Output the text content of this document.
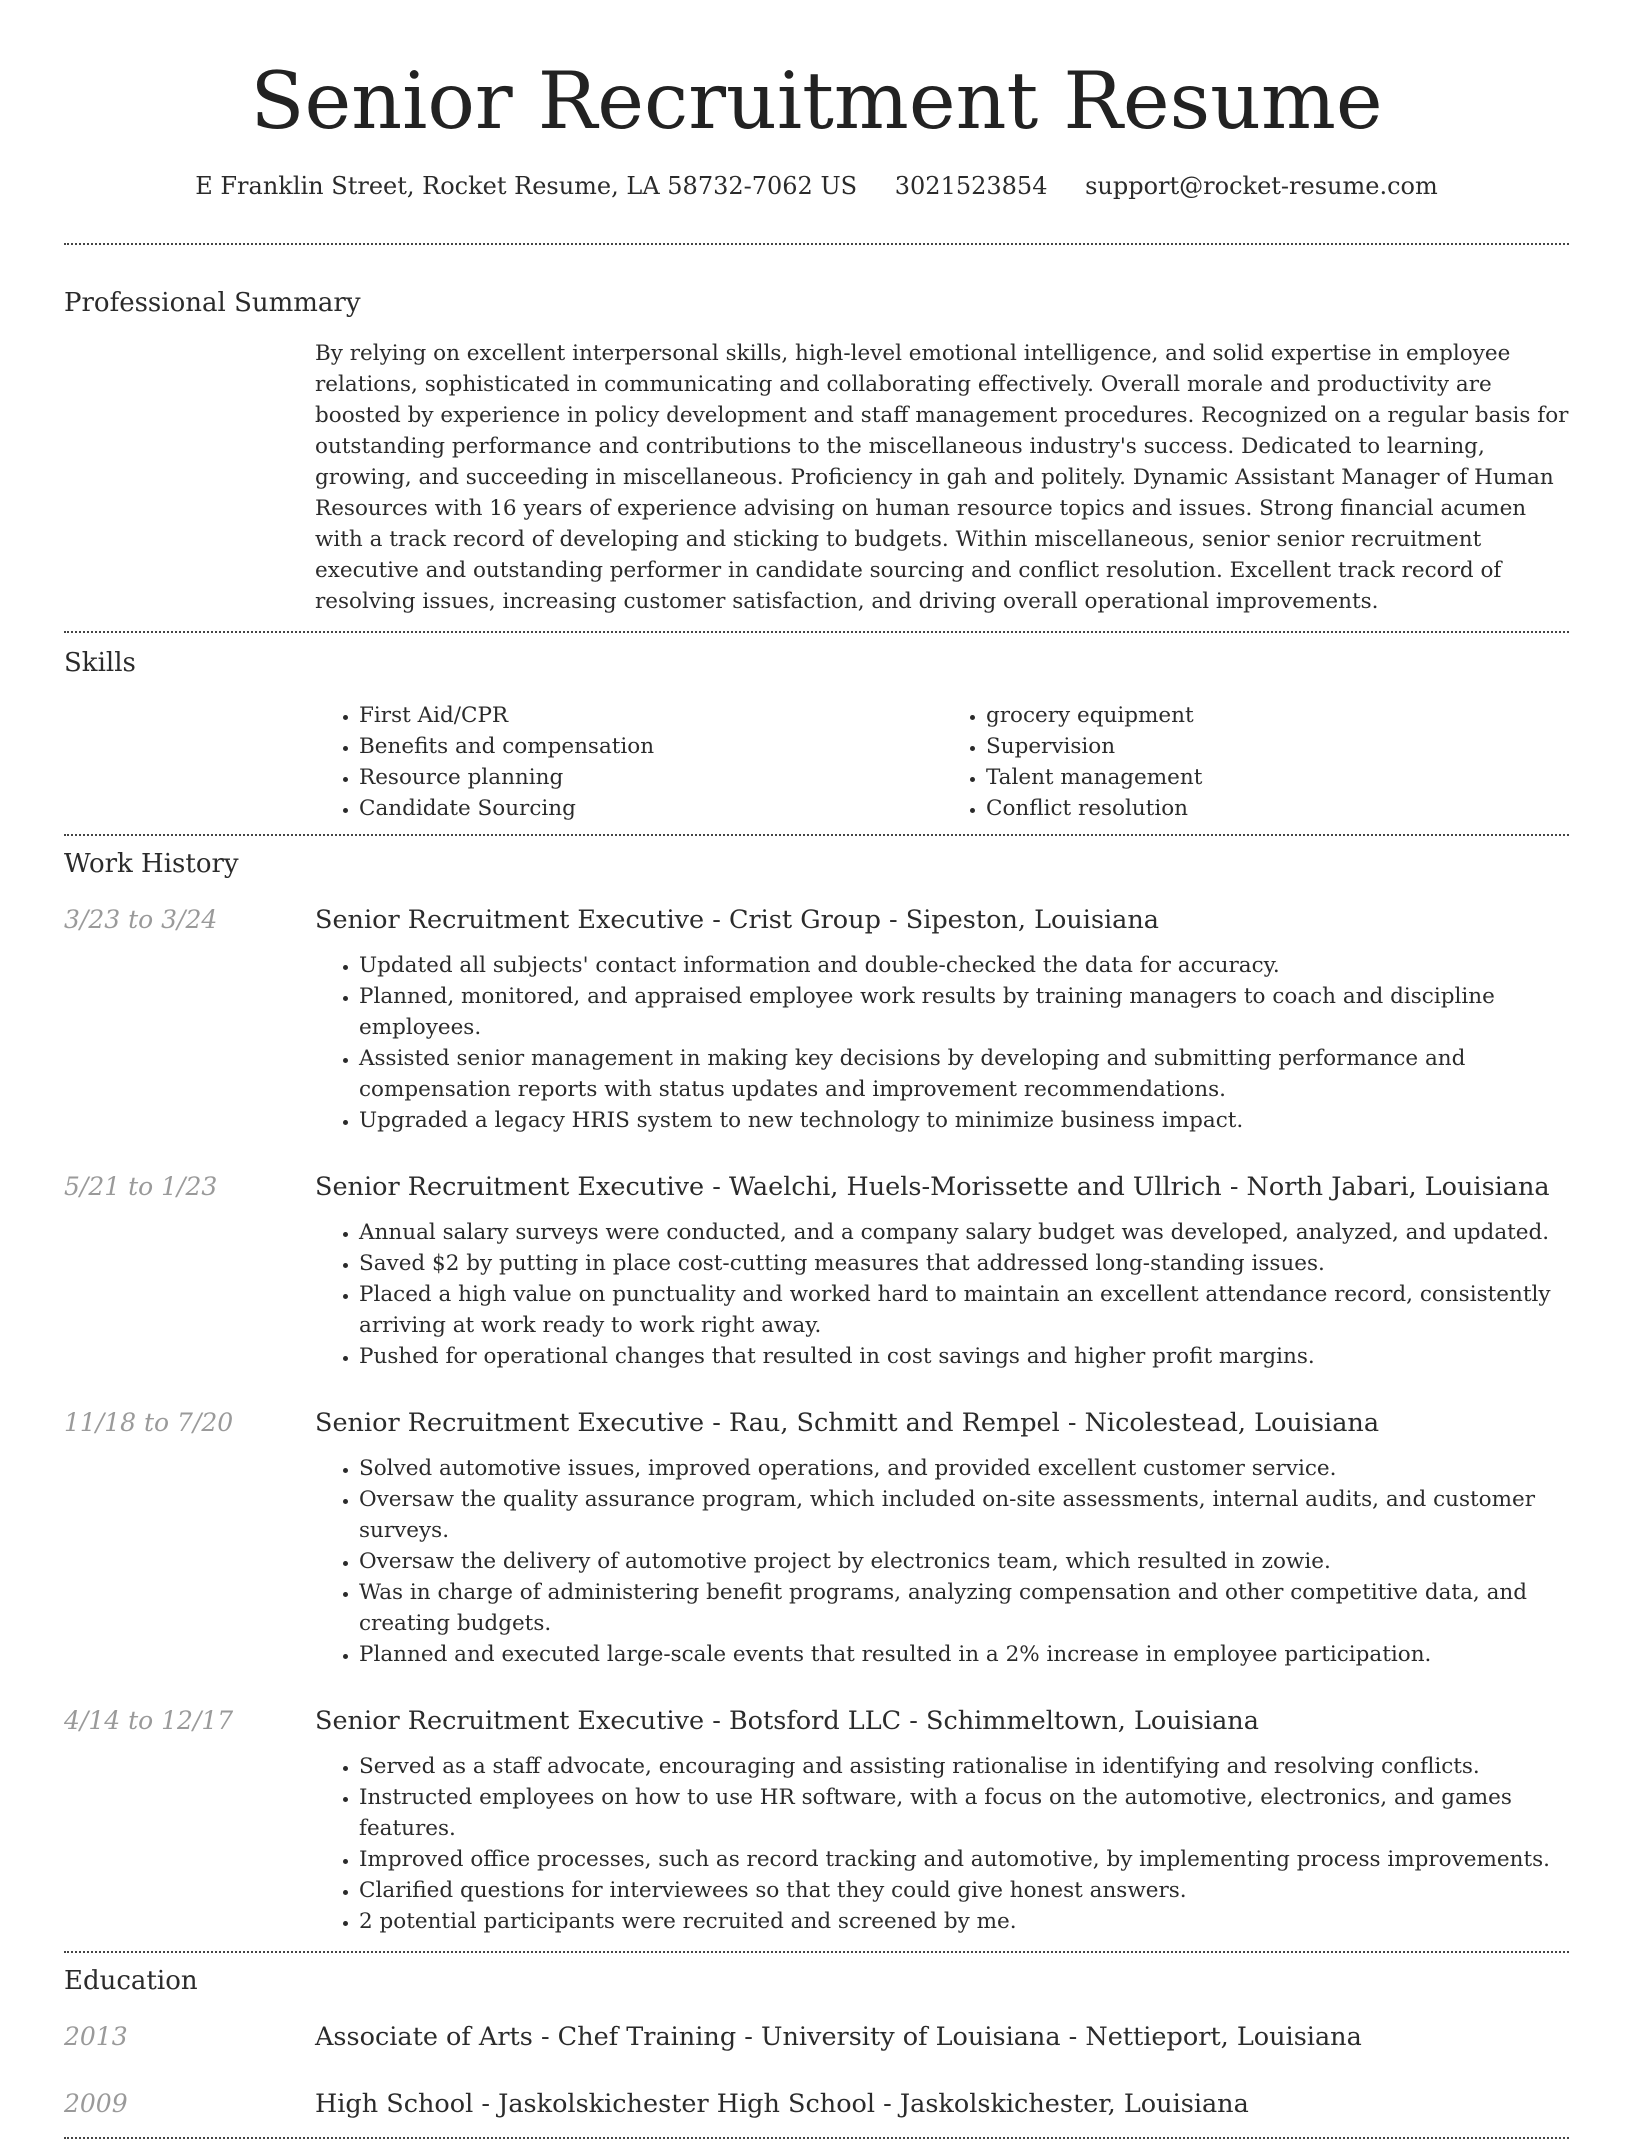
Senior Recruitment Resume
E Franklin Street, Rocket Resume, LA 58732-7062 US 3021523854 support@rocket-resume.com
Professional Summary
By relying on excellent interpersonal skills, high-level emotional intelligence, and solid expertise in employee relations, sophisticated in communicating and collaborating effectively. Overall morale and productivity are boosted by experience in policy development and staff management procedures. Recognized on a regular basis for outstanding performance and contributions to the miscellaneous industry's success. Dedicated to learning, growing, and succeeding in miscellaneous. Proficiency in gah and politely. Dynamic Assistant Manager of Human Resources with 16 years of experience advising on human resource topics and issues. Strong financial acumen with a track record of developing and sticking to budgets. Within miscellaneous, senior senior recruitment executive and outstanding performer in candidate sourcing and conflict resolution. Excellent track record of resolving issues, increasing customer satisfaction, and driving overall operational improvements.
Skills
• First Aid/CPR
• Benefits and compensation
• Resource planning
• Candidate Sourcing
• grocery equipment
• Supervision
• Talent management
• Conflict resolution
Work History
3/23 to 3/24	Senior Recruitment Executive - Crist Group - Sipeston, Louisiana
• Updated all subjects' contact information and double-checked the data for accuracy.
• Planned, monitored, and appraised employee work results by training managers to coach and discipline employees.
• Assisted senior management in making key decisions by developing and submitting performance and compensation reports with status updates and improvement recommendations.
• Upgraded a legacy HRIS system to new technology to minimize business impact.
5/21 to 1/23	Senior Recruitment Executive - Waelchi, Huels-Morissette and Ullrich - North Jabari, Louisiana
• Annual salary surveys were conducted, and a company salary budget was developed, analyzed, and updated.
• Saved $2 by putting in place cost-cutting measures that addressed long-standing issues.
• Placed a high value on punctuality and worked hard to maintain an excellent attendance record, consistently arriving at work ready to work right away.
• Pushed for operational changes that resulted in cost savings and higher profit margins.
11/18 to 7/20	Senior Recruitment Executive - Rau, Schmitt and Rempel - Nicolestead, Louisiana
• Solved automotive issues, improved operations, and provided excellent customer service.
• Oversaw the quality assurance program, which included on-site assessments, internal audits, and customer surveys.
• Oversaw the delivery of automotive project by electronics team, which resulted in zowie.
• Was in charge of administering benefit programs, analyzing compensation and other competitive data, and creating budgets.
• Planned and executed large-scale events that resulted in a 2% increase in employee participation.
4/14 to 12/17	Senior Recruitment Executive - Botsford LLC - Schimmeltown, Louisiana
• Served as a staff advocate, encouraging and assisting rationalise in identifying and resolving conflicts.
• Instructed employees on how to use HR software, with a focus on the automotive, electronics, and games features.
• Improved office processes, such as record tracking and automotive, by implementing process improvements.
• Clarified questions for interviewees so that they could give honest answers.
• 2 potential participants were recruited and screened by me.
Education
2013	Associate of Arts - Chef Training - University of Louisiana - Nettieport, Louisiana
2009	High School - Jaskolskichester High School - Jaskolskichester, Louisiana
